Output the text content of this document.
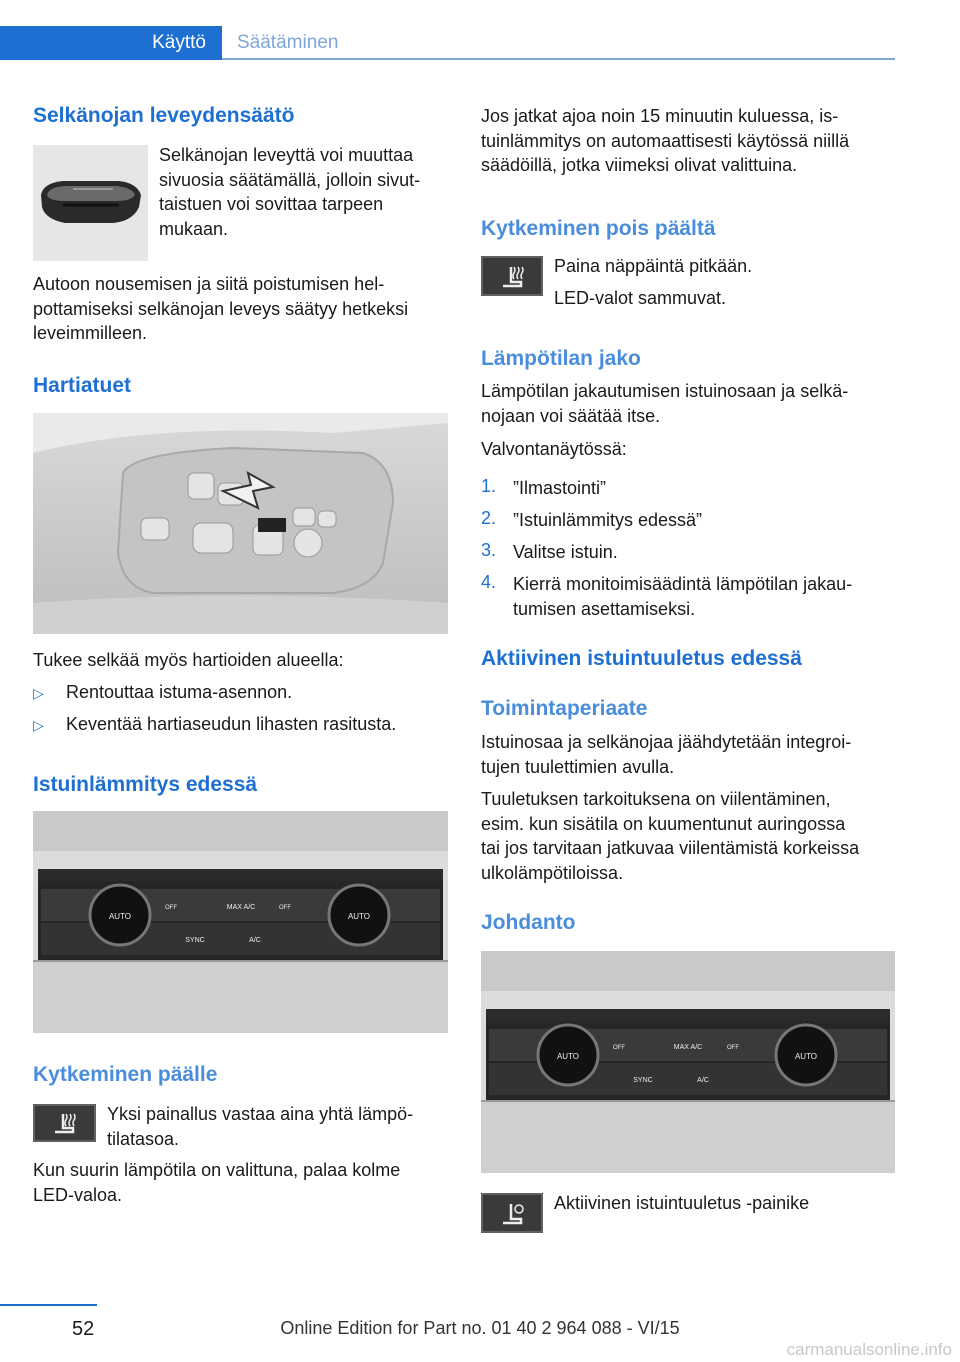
Käyttö	Säätäminen
Selkänojan leveydensäätö
Selkänojan leveyttä voi muuttaa
sivuosia säätämällä, jolloin sivut-
taistuen voi sovittaa tarpeen
mukaan.
Autoon nousemisen ja siitä poistumisen hel-
pottamiseksi selkänojan leveys säätyy hetkeksi
leveimmilleen.
Hartiatuet
Tukee selkää myös hartioiden alueella:
▷ Rentouttaa istuma-asennon.
▷ Keventää hartiaseudun lihasten rasitusta.
Istuinlämmitys edessä
AUTO	AUTO
MAX A/C
SYNC	A/C
OFF	OFF
Kytkeminen päälle
Yksi painallus vastaa aina yhtä lämpö-
tilatasoa.
Kun suurin lämpötila on valittuna, palaa kolme
LED-valoa.
Jos jatkat ajoa noin 15 minuutin kuluessa, is-
tuinlämmitys on automaattisesti käytössä niillä
säädöillä, jotka viimeksi olivat valittuina.
Kytkeminen pois päältä
Paina näppäintä pitkään.
LED-valot sammuvat.
Lämpötilan jako
Lämpötilan jakautumisen istuinosaan ja selkä-
nojaan voi säätää itse.
Valvontanäytössä:
1. ”Ilmastointi”
2. ”Istuinlämmitys edessä”
3. Valitse istuin.
4. Kierrä monitoimisäädintä lämpötilan jakau-
tumisen asettamiseksi.
Aktiivinen istuintuuletus edessä
Toimintaperiaate
Istuinosaa ja selkänojaa jäähdytetään integroi-
tujen tuulettimien avulla.
Tuuletuksen tarkoituksena on viilentäminen,
esim. kun sisätila on kuumentunut auringossa
tai jos tarvitaan jatkuvaa viilentämistä korkeissa
ulkolämpötiloissa.
Johdanto
AUTO	AUTO
MAX A/C
SYNC	A/C
OFF	OFF
Aktiivinen istuintuuletus -painike
52	Online Edition for Part no. 01 40 2 964 088 - VI/15
carmanualsonline.info
